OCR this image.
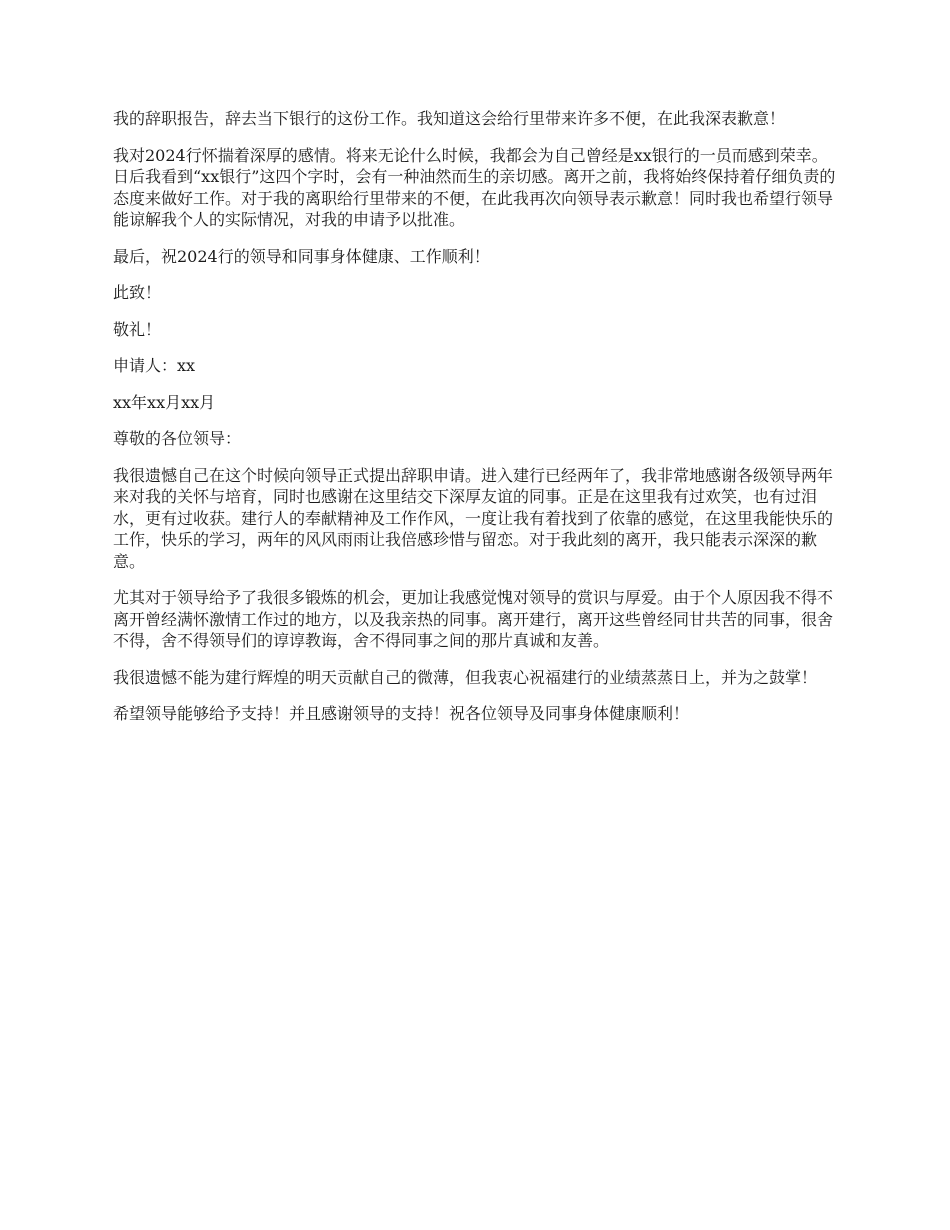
我的辞职报告，辞去当下银行的这份工作。我知道这会给行里带来许多不便，在此我深表歉意！

我对2024行怀揣着深厚的感情。将来无论什么时候，我都会为自己曾经是xx银行的一员而感到荣幸。日后我看到“xx银行”这四个字时，会有一种油然而生的亲切感。离开之前，我将始终保持着仔细负责的态度来做好工作。对于我的离职给行里带来的不便，在此我再次向领导表示歉意！同时我也希望行领导能谅解我个人的实际情况，对我的申请予以批准。

最后，祝2024行的领导和同事身体健康、工作顺利！

此致！

敬礼！

申请人：xx

xx年xx月xx月

尊敬的各位领导：

我很遗憾自己在这个时候向领导正式提出辞职申请。进入建行已经两年了，我非常地感谢各级领导两年来对我的关怀与培育，同时也感谢在这里结交下深厚友谊的同事。正是在这里我有过欢笑，也有过泪水，更有过收获。建行人的奉献精神及工作作风，一度让我有着找到了依靠的感觉，在这里我能快乐的工作，快乐的学习，两年的风风雨雨让我倍感珍惜与留恋。对于我此刻的离开，我只能表示深深的歉意。

尤其对于领导给予了我很多锻炼的机会，更加让我感觉愧对领导的赏识与厚爱。由于个人原因我不得不离开曾经满怀激情工作过的地方，以及我亲热的同事。离开建行，离开这些曾经同甘共苦的同事，很舍不得，舍不得领导们的谆谆教诲，舍不得同事之间的那片真诚和友善。

我很遗憾不能为建行辉煌的明天贡献自己的微薄，但我衷心祝福建行的业绩蒸蒸日上，并为之鼓掌！

希望领导能够给予支持！并且感谢领导的支持！祝各位领导及同事身体健康顺利！
